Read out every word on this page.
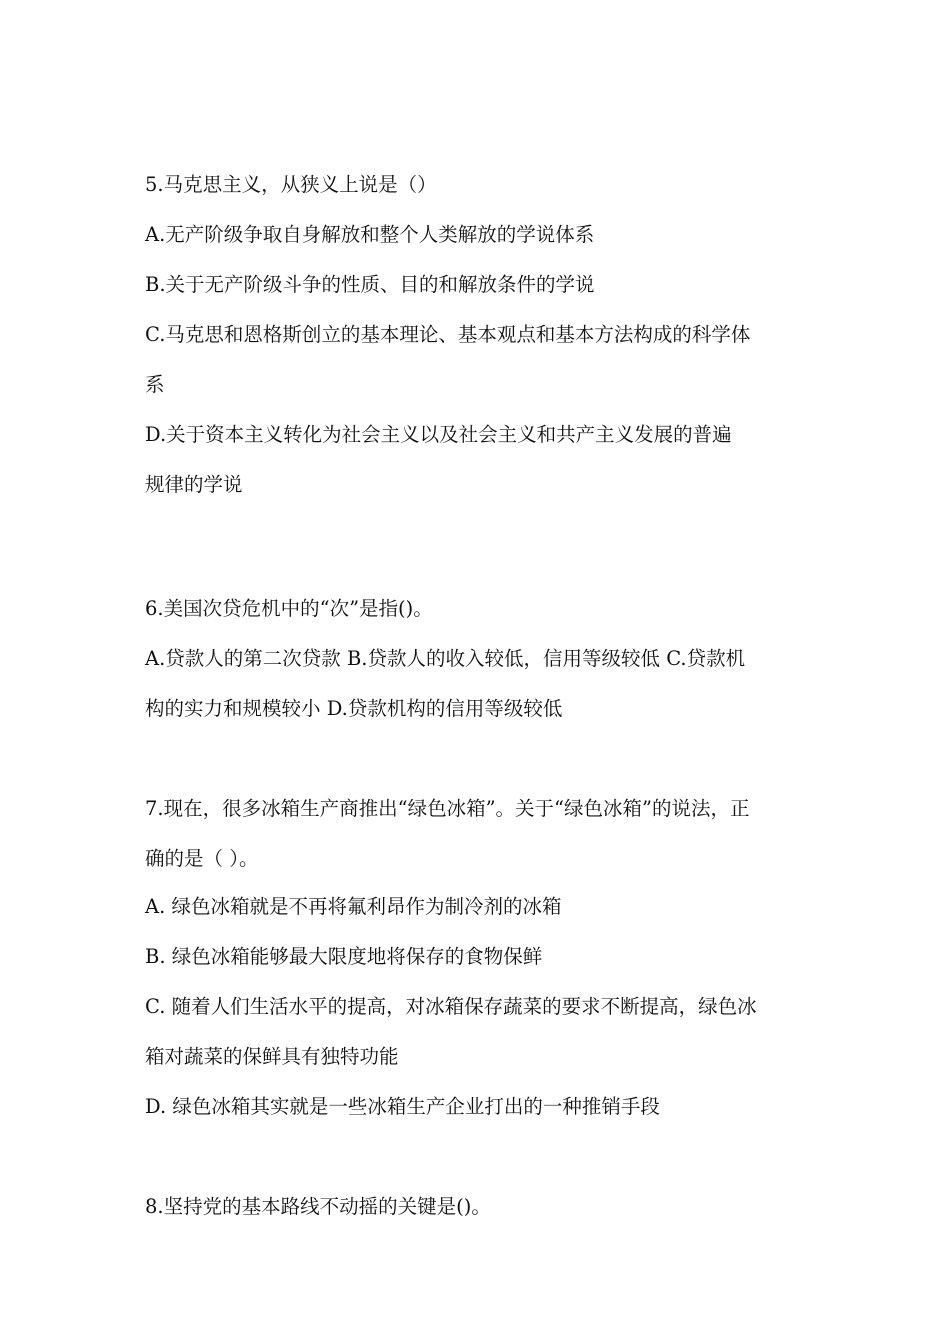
5.马克思主义，从狭义上说是（）
A.无产阶级争取自身解放和整个人类解放的学说体系
B.关于无产阶级斗争的性质、目的和解放条件的学说
C.马克思和恩格斯创立的基本理论、基本观点和基本方法构成的科学体
系
D.关于资本主义转化为社会主义以及社会主义和共产主义发展的普遍
规律的学说
6.美国次贷危机中的“次”是指()。
A.贷款人的第二次贷款 B.贷款人的收入较低，信用等级较低 C.贷款机
构的实力和规模较小 D.贷款机构的信用等级较低
7.现在，很多冰箱生产商推出“绿色冰箱”。关于“绿色冰箱”的说法，正
确的是（ ）。
A. 绿色冰箱就是不再将氟利昂作为制冷剂的冰箱
B. 绿色冰箱能够最大限度地将保存的食物保鲜
C. 随着人们生活水平的提高，对冰箱保存蔬菜的要求不断提高，绿色冰
箱对蔬菜的保鲜具有独特功能
D. 绿色冰箱其实就是一些冰箱生产企业打出的一种推销手段
8.坚持党的基本路线不动摇的关键是()。
